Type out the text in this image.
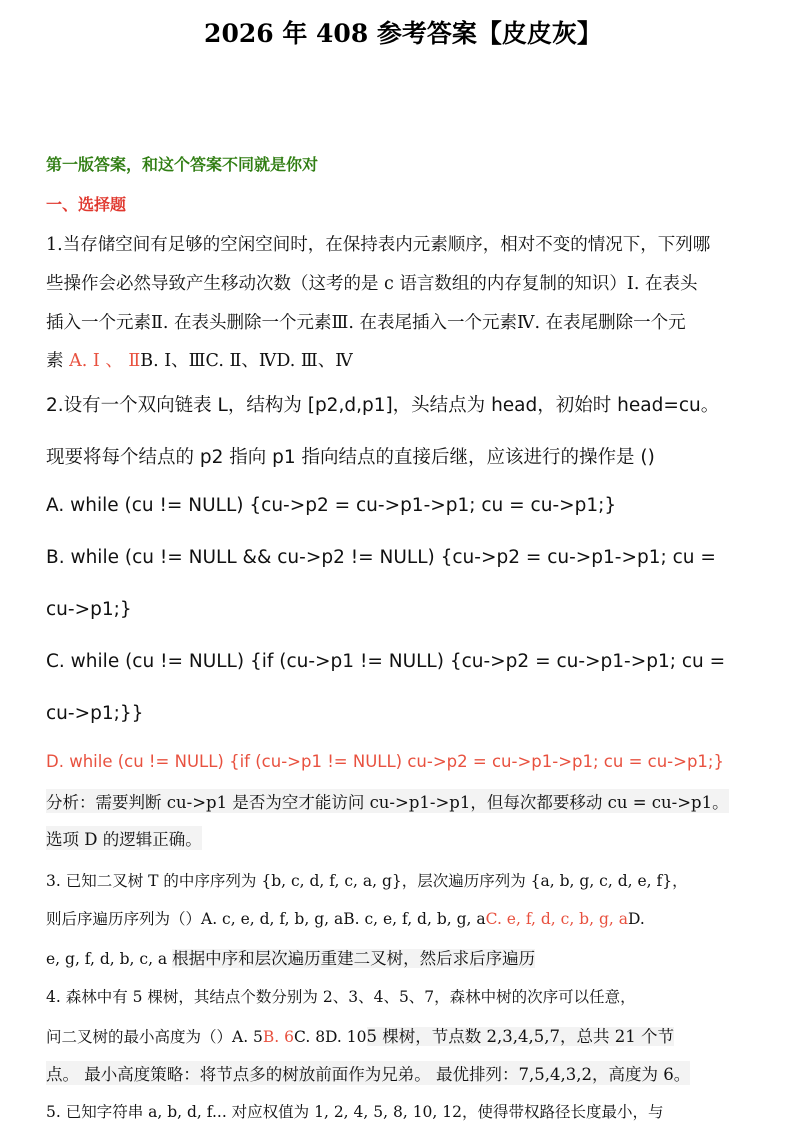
2026 年 408 参考答案【皮皮灰】
第一版答案，和这个答案不同就是你对
一、选择题
1.当存储空间有足够的空闲空间时，在保持表内元素顺序，相对不变的情况下，下列哪
些操作会必然导致产生移动次数（这考的是 c 语言数组的内存复制的知识）Ⅰ. 在表头
插入一个元素Ⅱ. 在表头删除一个元素Ⅲ. 在表尾插入一个元素Ⅳ. 在表尾删除一个元
素 A. Ⅰ 、 ⅡB. Ⅰ、ⅢC. Ⅱ、ⅣD. Ⅲ、Ⅳ
2.设有一个双向链表 L，结构为 [p2,d,p1]，头结点为 head，初始时 head=cu。
现要将每个结点的 p2 指向 p1 指向结点的直接后继，应该进行的操作是 ()
A. while (cu != NULL) {cu->p2 = cu->p1->p1; cu = cu->p1;}
B. while (cu != NULL && cu->p2 != NULL) {cu->p2 = cu->p1->p1; cu =
cu->p1;}
C. while (cu != NULL) {if (cu->p1 != NULL) {cu->p2 = cu->p1->p1; cu =
cu->p1;}}
D. while (cu != NULL) {if (cu->p1 != NULL) cu->p2 = cu->p1->p1; cu = cu->p1;}
分析：需要判断 cu->p1 是否为空才能访问 cu->p1->p1，但每次都要移动 cu = cu->p1。
选项 D 的逻辑正确。
3. 已知二叉树 T 的中序序列为 {b, c, d, f, c, a, g}，层次遍历序列为 {a, b, g, c, d, e, f}，
则后序遍历序列为（）A. c, e, d, f, b, g, aB. c, e, f, d, b, g, aC. e, f, d, c, b, g, aD.
e, g, f, d, b, c, a 根据中序和层次遍历重建二叉树，然后求后序遍历
4. 森林中有 5 棵树，其结点个数分别为 2、3、4、5、7，森林中树的次序可以任意，
问二叉树的最小高度为（）A. 5B. 6C. 8D. 105 棵树，节点数 2,3,4,5,7，总共 21 个节
点。 最小高度策略：将节点多的树放前面作为兄弟。 最优排列：7,5,4,3,2，高度为 6。
5. 已知字符串 a, b, d, f... 对应权值为 1, 2, 4, 5, 8, 10, 12，使得带权路径长度最小，与
